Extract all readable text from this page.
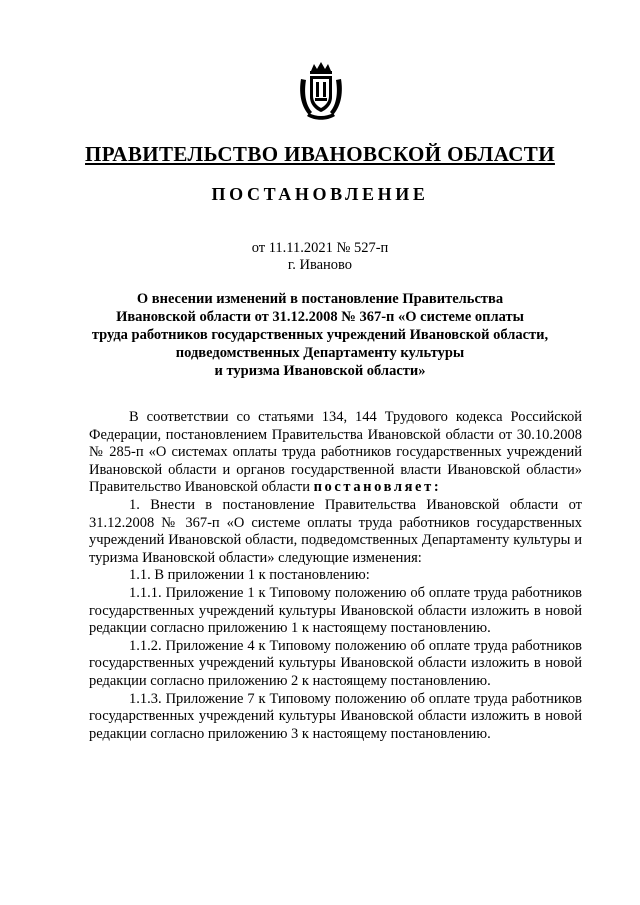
ПРАВИТЕЛЬСТВО ИВАНОВСКОЙ ОБЛАСТИ
ПОСТАНОВЛЕНИЕ
от 11.11.2021 № 527-п
г. Иваново
О внесении изменений в постановление Правительства
Ивановской области от 31.12.2008 № 367-п «О системе оплаты
труда работников государственных учреждений Ивановской области,
подведомственных Департаменту культуры
и туризма Ивановской области»

В соответствии со статьями 134, 144 Трудового кодекса Российской Федерации, постановлением Правительства Ивановской области от 30.10.2008 № 285-п «О системах оплаты труда работников государственных учреждений Ивановской области и органов государственной власти Ивановской области» Правительство Ивановской области постановляет:

1. Внести в постановление Правительства Ивановской области от 31.12.2008 № 367-п «О системе оплаты труда работников государственных учреждений Ивановской области, подведомственных Департаменту культуры и туризма Ивановской области» следующие изменения:

1.1. В приложении 1 к постановлению:

1.1.1. Приложение 1 к Типовому положению об оплате труда работников государственных учреждений культуры Ивановской области изложить в новой редакции согласно приложению 1 к настоящему постановлению.

1.1.2. Приложение 4 к Типовому положению об оплате труда работников государственных учреждений культуры Ивановской области изложить в новой редакции согласно приложению 2 к настоящему постановлению.

1.1.3. Приложение 7 к Типовому положению об оплате труда работников государственных учреждений культуры Ивановской области изложить в новой редакции согласно приложению 3 к настоящему постановлению.
